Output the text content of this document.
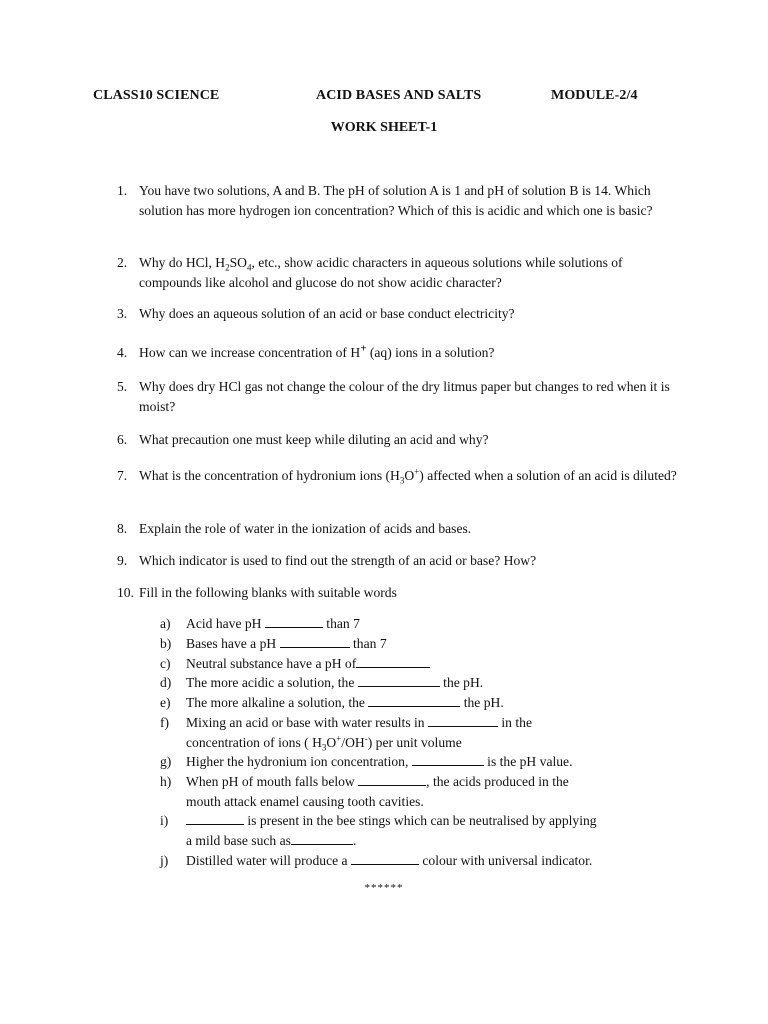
CLASS10 SCIENCE	ACID BASES AND SALTS	MODULE-2/4
WORK SHEET-1
1. You have two solutions, A and B. The pH of solution A is 1 and pH of solution B is 14. Which solution has more hydrogen ion concentration? Which of this is acidic and which one is basic?
2. Why do HCl, $H_2SO_4$, etc., show acidic characters in aqueous solutions while solutions of compounds like alcohol and glucose do not show acidic character?
3. Why does an aqueous solution of an acid or base conduct electricity?
4. How can we increase concentration of H+ (aq) ions in a solution?
5. Why does dry HCl gas not change the colour of the dry litmus paper but changes to red when it is moist?
6. What precaution one must keep while diluting an acid and why?
7. What is the concentration of hydronium ions $(H_3O^+)$ affected when a solution of an acid is diluted?
8. Explain the role of water in the ionization of acids and bases.
9. Which indicator is used to find out the strength of an acid or base? How?
10. Fill in the following blanks with suitable words
a) Acid have pH	than 7
b) Bases have a pH	than 7
c) Neutral substance have a pH of
d) The more acidic a solution, the	the pH.
e) The more alkaline a solution, the	the pH.
f) Mixing an acid or base with water results in	in the
concentration of ions ( $H_3O^+/OH^-$) per unit volume
g) Higher the hydronium ion concentration,	is the pH value.
h) When pH of mouth falls below	, the acids produced in the
mouth attack enamel causing tooth cavities.
i)	is present in the bee stings which can be neutralised by applying
a mild base such as	.
j) Distilled water will produce a	colour with universal indicator.
******
